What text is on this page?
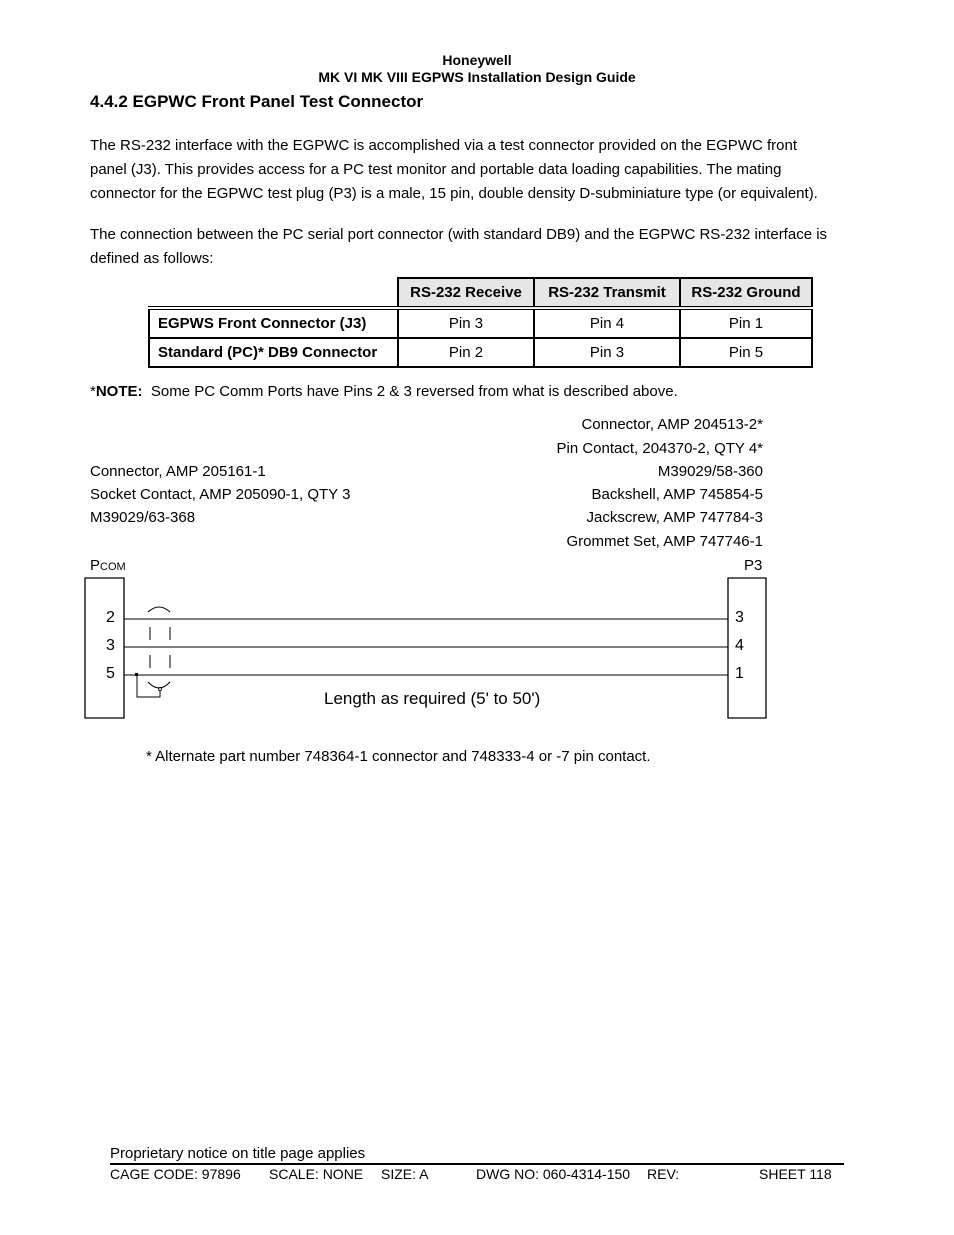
Honeywell
MK VI MK VIII EGPWS Installation Design Guide
4.4.2 EGPWC Front Panel Test Connector
The RS-232 interface with the EGPWC is accomplished via a test connector provided on the EGPWC front
panel (J3). This provides access for a PC test monitor and portable data loading capabilities. The mating
connector for the EGPWC test plug (P3) is a male, 15 pin, double density D-subminiature type (or equivalent).
The connection between the PC serial port connector (with standard DB9) and the EGPWC RS-232 interface is
defined as follows:
	RS-232 Receive	RS-232 Transmit	RS-232 Ground
EGPWS Front Connector (J3)	Pin 3	Pin 4	Pin 1
Standard (PC)* DB9 Connector	Pin 2	Pin 3	Pin 5
*NOTE:  Some PC Comm Ports have Pins 2 & 3 reversed from what is described above.
Connector, AMP 204513-2*
Pin Contact, 204370-2, QTY 4*
M39029/58-360
Backshell, AMP 745854-5
Jackscrew, AMP 747784-3
Grommet Set, AMP 747746-1
Connector, AMP 205161-1
Socket Contact, AMP 205090-1, QTY 3
M39029/63-368
PCOM	P3
2
3
5
3
4
1
Length as required (5' to 50')
* Alternate part number 748364-1 connector and 748333-4 or -7 pin contact.
Proprietary notice on title page applies
CAGE CODE: 97896 SCALE: NONE SIZE: A	DWG NO: 060-4314-150 REV:	SHEET 118
